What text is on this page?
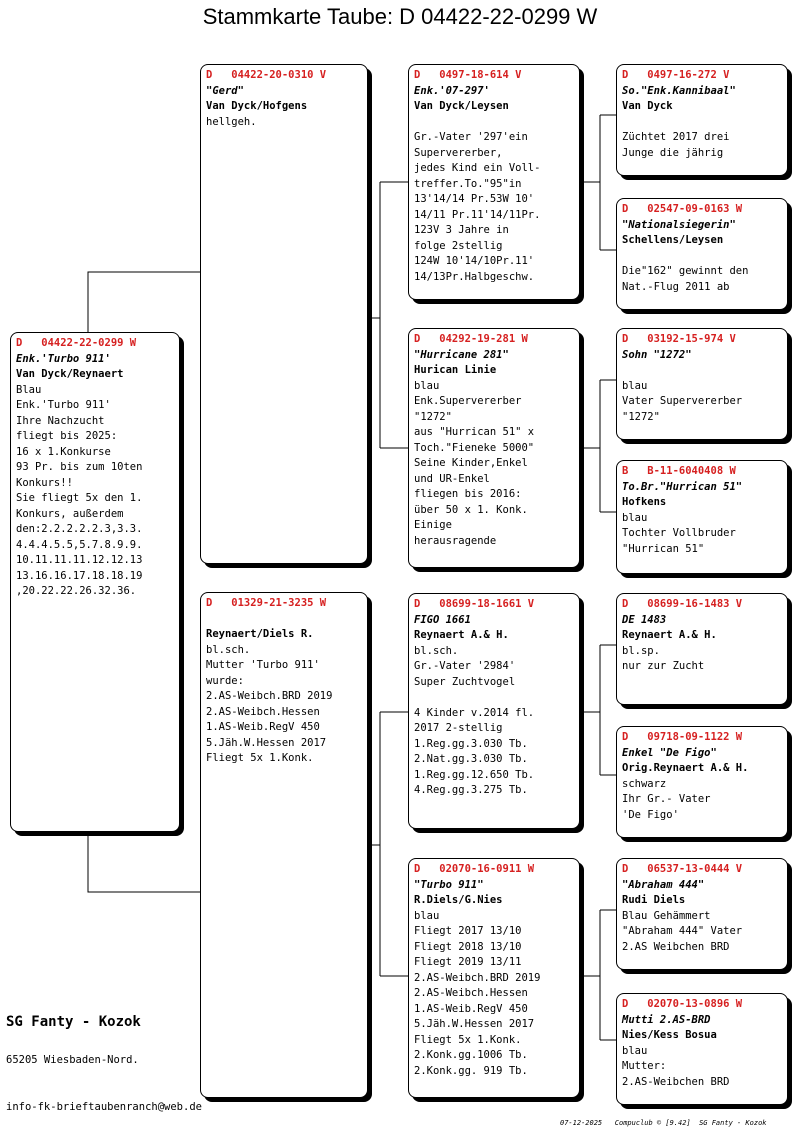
Stammkarte Taube: D 04422-22-0299 W
D   04422-22-0299 W
Enk.'Turbo 911'
Van Dyck/Reynaert
Blau
Enk.'Turbo 911'
Ihre Nachzucht
fliegt bis 2025:
16 x 1.Konkurse
93 Pr. bis zum 10ten
Konkurs!!
Sie fliegt 5x den 1.
Konkurs, außerdem
den:2.2.2.2.2.3,3.3.
4.4.4.5.5,5.7.8.9.9.
10.11.11.11.12.12.13
13.16.16.17.18.18.19
,20.22.22.26.32.36.
D   04422-20-0310 V
"Gerd"
Van Dyck/Hofgens
hellgeh.
D   01329-21-3235 W

Reynaert/Diels R.
bl.sch.
Mutter 'Turbo 911'
wurde:
2.AS-Weibch.BRD 2019
2.AS-Weibch.Hessen
1.AS-Weib.RegV 450
5.Jäh.W.Hessen 2017
Fliegt 5x 1.Konk.
D   0497-18-614 V
Enk.'07-297'
Van Dyck/Leysen

Gr.-Vater '297'ein
Supervererber,
jedes Kind ein Voll-
treffer.To."95"in
13'14/14 Pr.53W 10'
14/11 Pr.11'14/11Pr.
123V 3 Jahre in
folge 2stellig
124W 10'14/10Pr.11'
14/13Pr.Halbgeschw.
D   04292-19-281 W
"Hurricane 281"
Hurican Linie
blau
Enk.Supervererber
"1272"
aus "Hurrican 51" x
Toch."Fieneke 5000"
Seine Kinder,Enkel
und UR-Enkel
fliegen bis 2016:
über 50 x 1. Konk.
Einige
herausragende
D   08699-18-1661 V
FIGO 1661
Reynaert A.& H.
bl.sch.
Gr.-Vater '2984'
Super Zuchtvogel

4 Kinder v.2014 fl.
2017 2-stellig
1.Reg.gg.3.030 Tb.
2.Nat.gg.3.030 Tb.
1.Reg.gg.12.650 Tb.
4.Reg.gg.3.275 Tb.
D   02070-16-0911 W
"Turbo 911"
R.Diels/G.Nies
blau
Fliegt 2017 13/10
Fliegt 2018 13/10
Fliegt 2019 13/11
2.AS-Weibch.BRD 2019
2.AS-Weibch.Hessen
1.AS-Weib.RegV 450
5.Jäh.W.Hessen 2017
Fliegt 5x 1.Konk.
2.Konk.gg.1006 Tb.
2.Konk.gg. 919 Tb.
D   0497-16-272 V
So."Enk.Kannibaal"
Van Dyck

Züchtet 2017 drei
Junge die jährig
D   02547-09-0163 W
"Nationalsiegerin"
Schellens/Leysen

Die"162" gewinnt den
Nat.-Flug 2011 ab
D   03192-15-974 V
Sohn "1272"

blau
Vater Supervererber
"1272"
B   B-11-6040408 W
To.Br."Hurrican 51"
Hofkens
blau
Tochter Vollbruder
"Hurrican 51"
D   08699-16-1483 V
DE 1483
Reynaert A.& H.
bl.sp.
nur zur Zucht
D   09718-09-1122 W
Enkel "De Figo"
Orig.Reynaert A.& H.
schwarz
Ihr Gr.- Vater
'De Figo'
D   06537-13-0444 V
"Abraham 444"
Rudi Diels
Blau Gehämmert
"Abraham 444" Vater
2.AS Weibchen BRD
D   02070-13-0896 W
Mutti 2.AS-BRD
Nies/Kess Bosua
blau
Mutter:
2.AS-Weibchen BRD
SG Fanty - Kozok
65205 Wiesbaden-Nord.
info-fk-brieftaubenranch@web.de
07-12-2025   Compuclub © [9.42]  SG Fanty - Kozok
